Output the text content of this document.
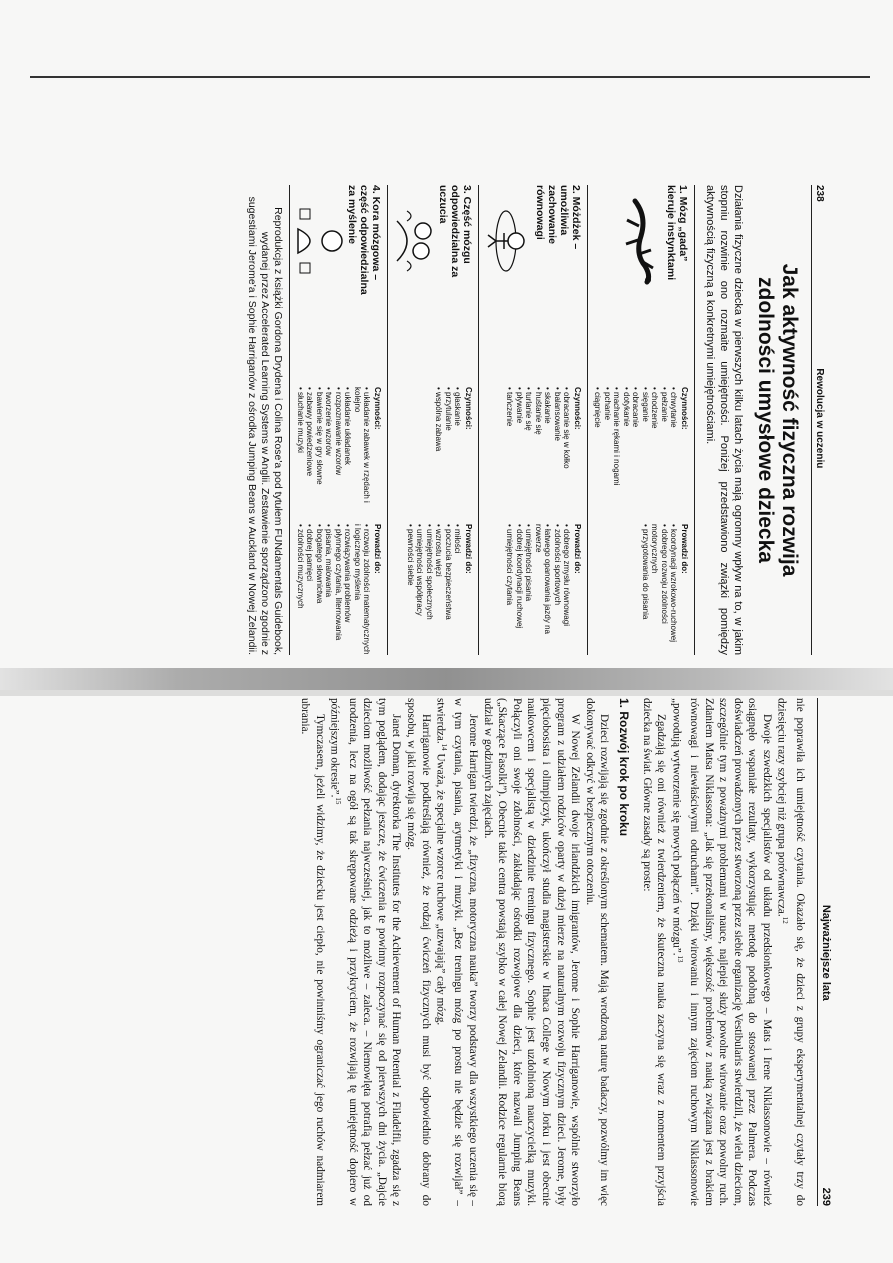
238
Rewolucja w uczeniu
Jak aktywność fizyczna rozwija
zdolności umysłowe dziecka

Działania fizyczne dziecka w pierwszych kilku latach życia mają ogromny wpływ na to, w jakim stopniu rozwinie ono rozmaite umiejętności. Poniżej przedstawiono związki pomiędzy aktywnością fizyczną a konkretnymi umiejętnościami.

1. Mózg „gada” kieruje instynktami
Czynności:
• chwytanie
• pełzanie
• chodzenie
• sięganie
• obracanie
• dotykanie
• machanie rękami i nogami
• pchanie
• ciągnięcie
Prowadzi do:
• koordynacji wzrokowo-ruchowej
• dobrego rozwoju zdolności motorycznych
• przygotowania do pisania
2. Móżdżek – umożliwia zachowanie równowagi
Czynności:
• obracanie się w kółko
• balansowanie
• skakanie
• huśtanie się
• turlanie się
• pływanie
• tańczenie
Prowadzi do:
• dobrego zmysłu równowagi
• zdolności sportowych
• łatwego opanowania jazdy na rowerze
• umiejętności pisania
• dobrej koordynacji ruchowej
• umiejętności czytania
3. Część mózgu odpowiedzialna za uczucia
Czynności:
• głaskanie
• przytulanie
• wspólna zabawa
Prowadzi do:
• miłości
• poczucia bezpieczeństwa
• wzrostu więzi
• umiejętności społecznych
• umiejętności współpracy
• pewności siebie
4. Kora mózgowa – część odpowiedzialna za myślenie
Czynności:
• układanie zabawek w rzędach i kolejno
• układanie układanek
• rozpoznawanie wzorów
• tworzenie wzorów
• bawienie się w gry słowne
• zabawy powiedzeniowe
• słuchanie muzyki
Prowadzi do:
• rozwoju zdolności matematycznych i logicznego myślenia
• rozwiązywania problemów
• płynnego czytania, liternowania
• pisania, malowania
• bogatego słownictwa
• dobrej pamięci
• zdolności muzycznych
Reprodukcja z książki Gordona Drydena i Colina Rose'a pod tytułem FUNdamentals Guidebook, wydanej przez Accelerated Learning Systems w Anglii. Zestawienie sporządzono zgodnie z sugestiami Jerome'a i Sophie Harriganów z ośrodka Jumping Beans w Auckland w Nowej Zelandii.
Najważniejsze lata
239

nie poprawiła ich umiejętność czytania. Okazało się, że dzieci z grupy eksperymentalnej czytały trzy do dziesięciu razy szybciej niż grupa porównawcza.$^{12}$

Dwoje szwedzkich specjalistów od układu przedsionkowego – Mats i Irene Niklassonowie – również osiągnęło wspaniałe rezultaty, wykorzystując metodę podobną do stosowanej przez Palmera. Podczas doświadczeń prowadzonych przez stworzoną przez siebie organizację Vestibularis stwierdzili, że wielu dzieciom, szczególnie tym z poważnymi problemami w nauce, najlepiej służy powolne wirowanie oraz powolny ruch. Zdaniem Matsa Niklassona: „Jak się przekonaliśmy, większość problemów z nauką związana jest z brakiem równowagi i niewłaściwymi odruchami”. Dzięki wirowaniu i innym zajęciom ruchowym Niklassonowie „powodują wytworzenie się nowych połączeń w mózgu”.$^{13}$

Zgadzają się oni również z twierdzeniem, że skuteczna nauka zaczyna się wraz z momentem przyjścia dziecka na świat. Główne zasady są proste:

1. Rozwój krok po kroku

Dzieci rozwijają się zgodnie z określonym schematem. Mają wrodzoną naturę badaczy, pozwólmy im więc dokonywać odkryć w bezpiecznym otoczeniu.

W Nowej Zelandii dwoje irlandzkich imigrantów, Jerome i Sophie Harriganowie, wspólnie stworzyło program z udziałem rodziców oparty w dużej mierze na naturalnym rozwoju fizycznym dzieci. Jerome, były pięciobosista i olimpijczyk, ukończył studia magisterskie w Ithaca College w Nowym Jorku i jest obecnie naukowcem i specjalistą w dziedzinie treningu fizycznego. Sophie jest uzdolnioną nauczycielką muzyki. Połączyli oni swoje zdolności, zakładając ośrodki rozwojowe dla dzieci, które nazwali Jumping Beans („Skaczące Fasolki”). Obecnie takie centra powstają szybko w całej Nowej Zelandii. Rodzice regularnie biorą udział w godzinnych zajęciach.

Jerome Harrigan twierdzi, że „fizyczna, motoryczna nauka” tworzy podstawy dla wszystkiego uczenia się – w tym czytania, pisania, arytmetyki i muzyki. „Bez treningu mózg po prostu nie będzie się rozwijał” – stwierdza.$^{14}$ Uważa, że specjalne wzorce ruchowe „uzwajają” cały mózg.

Harriganowie podkreślają również, że rodzaj ćwiczeń fizycznych musi być odpowiednio dobrany do sposobu, w jaki rozwija się mózg.

Janet Doman, dyrektorka The Institutes for the Achievement of Human Potential z Filadelfii, zgadza się z tym poglądem, dodając jeszcze, że ćwiczenia te powinny rozpoczynać się od pierwszych dni życia. „Dajcie dzieciom możliwość pełzania najwcześniej, jak to możliwe – zaleca. – Niemowlęta potrafią pełzać już od urodzenia, lecz na ogół są tak skrępowane odzieżą i przykryciem, że rozwijają tę umiejętność dopiero w późniejszym okresie”.$^{15}$

Tymczasem, jeżeli widzimy, że dziecku jest ciepło, nie powinniśmy ograniczać jego ruchów nadmiarem ubrania.
